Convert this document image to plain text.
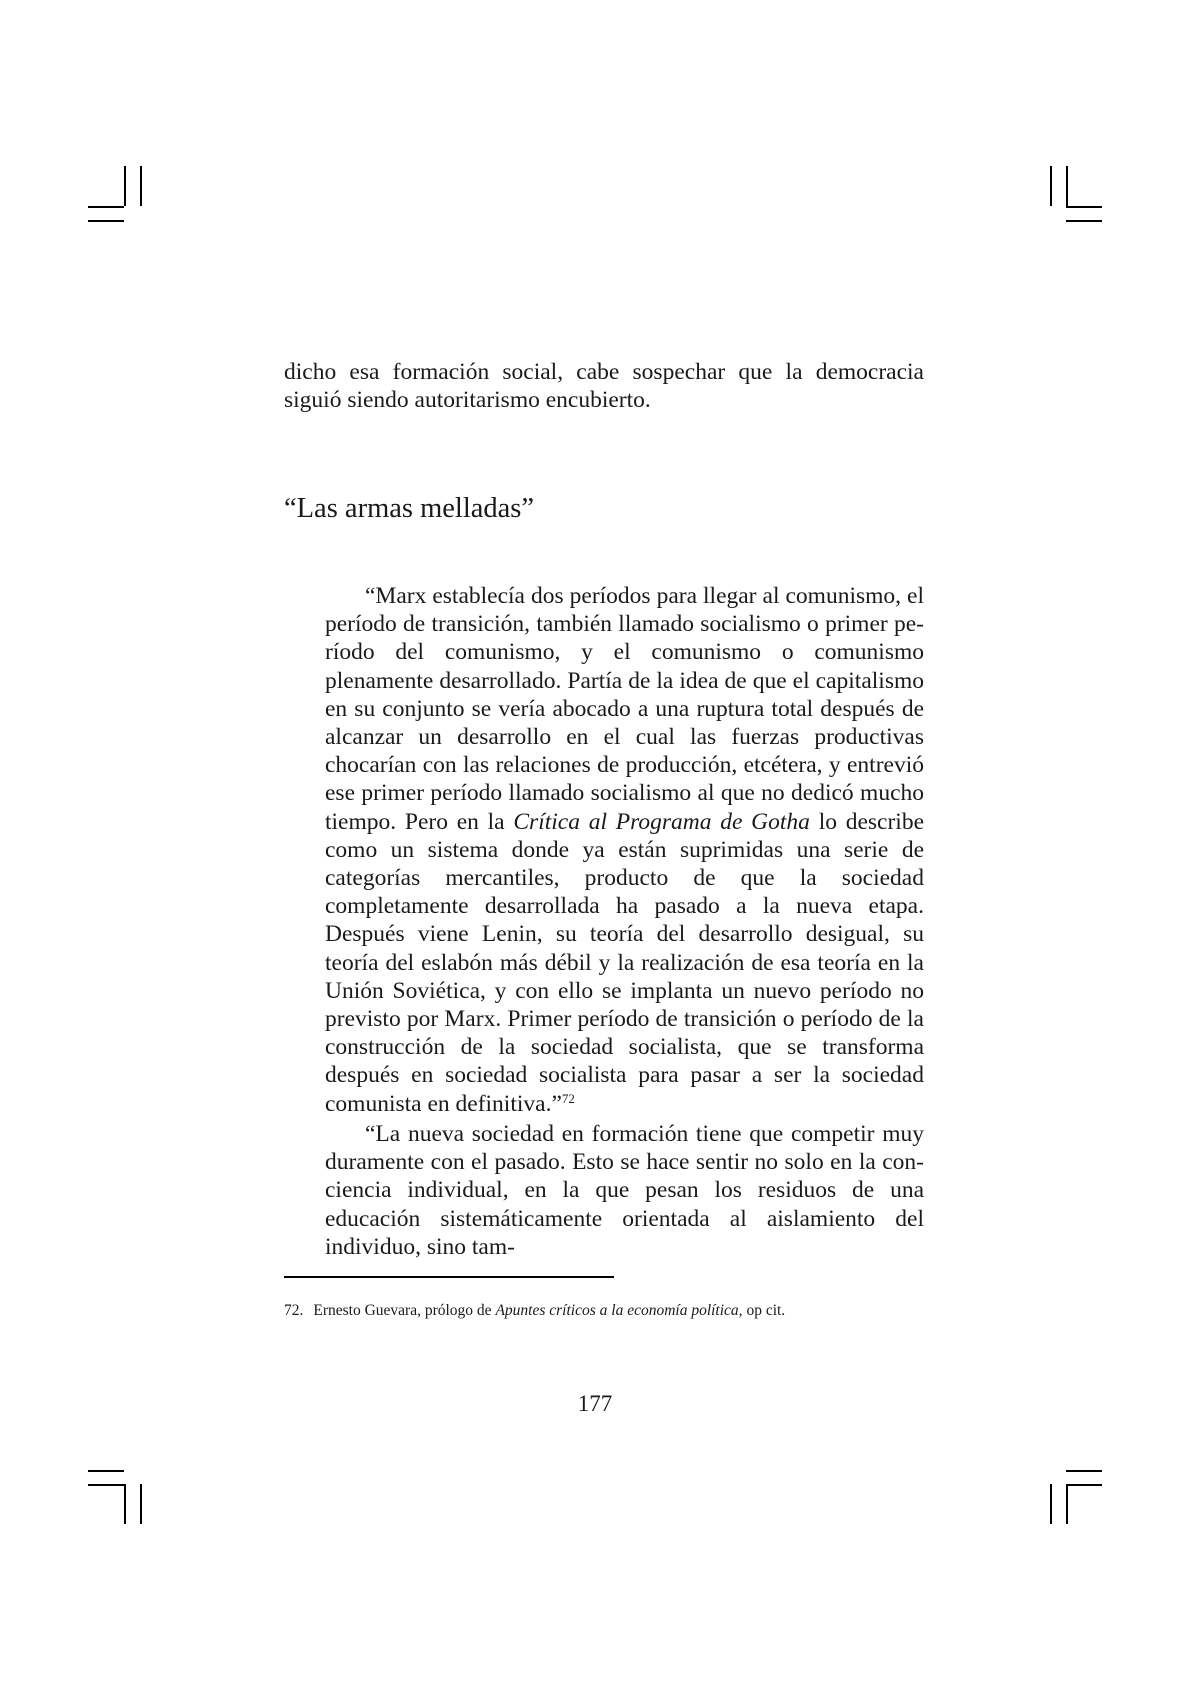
dicho esa formación social, cabe sospechar que la democracia siguió siendo autoritarismo encubierto.
“Las armas melladas”

“Marx establecía dos períodos para llegar al comunismo, el período de transición, también llamado socialismo o primer período del comunismo, y el comunismo o comunismo plenamente desarrollado. Partía de la idea de que el capitalismo en su conjunto se vería abocado a una ruptura total después de alcanzar un desarrollo en el cual las fuerzas productivas chocarían con las relaciones de producción, etcétera, y entrevió ese primer período llamado socialismo al que no dedicó mucho tiempo. Pero en la Crítica al Programa de Gotha lo describe como un sistema donde ya están suprimidas una serie de categorías mercantiles, producto de que la sociedad completamente desarrollada ha pasado a la nueva etapa. Después viene Lenin, su teoría del desarrollo desigual, su teoría del eslabón más débil y la realización de esa teoría en la Unión Soviética, y con ello se implanta un nuevo período no previsto por Marx. Primer período de transición o período de la construcción de la sociedad socialista, que se transforma después en sociedad socialista para pasar a ser la sociedad comunista en definitiva.”$^{72}$

“La nueva sociedad en formación tiene que competir muy duramente con el pasado. Esto se hace sentir no solo en la conciencia individual, en la que pesan los residuos de una educación sistemáticamente orientada al aislamiento del individuo, sino tam-

72. Ernesto Guevara, prólogo de Apuntes críticos a la economía política, op cit.
177
